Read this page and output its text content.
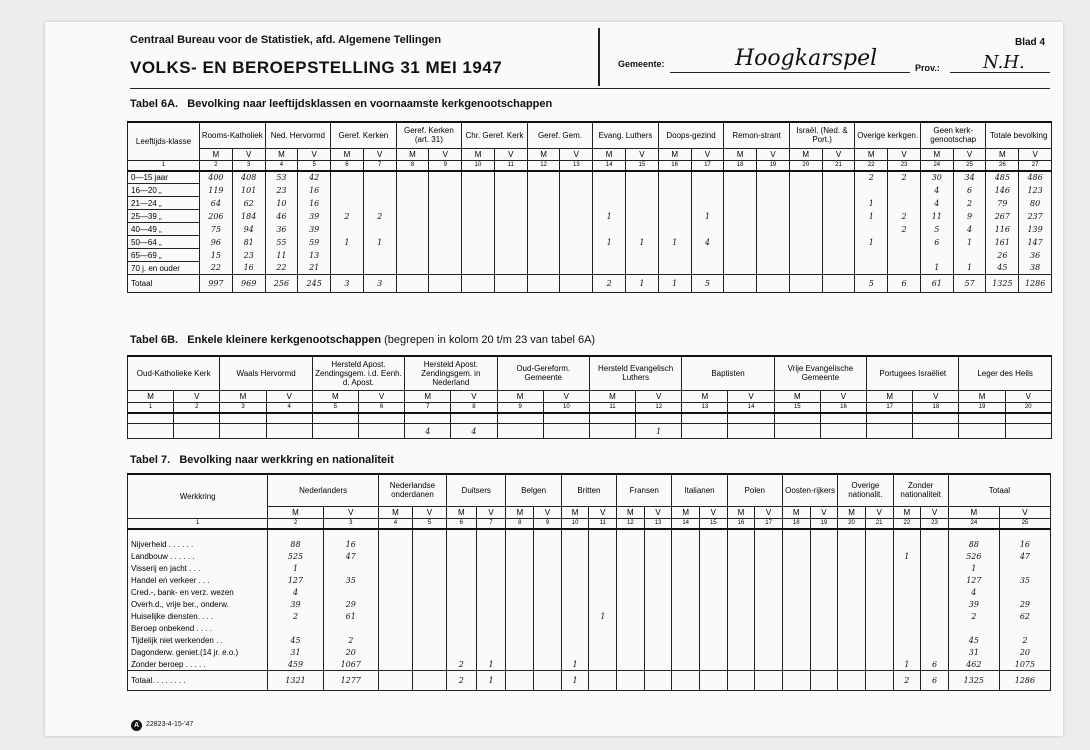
Centraal Bureau voor de Statistiek, afd. Algemene Tellingen
VOLKS- EN BEROEPSTELLING 31 MEI 1947	Gemeente:	Hoogkarspel	Prov.: N.H.
Blad 4
Tabel 6A. Bevolking naar leeftijdsklassen en voornaamste kerkgenootschappen
Leeftijds-klasse	Rooms-Katholiek		Ned. Hervormd		Geref. Kerken		Geref. Kerken (art. 31)		Chr. Geref. Kerk		Geref. Gem.		Evang. Luthers		Doops-gezind		Remon-strant		Israël. (Ned. & Port.)		Overige kerkgen.		Geen kerk-genootschap		Totale bevolking	
	M	V	M	V	M	V	M	V	M	V	M	V	M	V	M	V	M	V	M	V	M	V	M	V	M	V
1	2	3	4	5	6	7	8	9	10	11	12	13	14	15	16	17	18	19	20	21	22	23	24	25	26	27
0—15 jaar	400	408	53	42																	2	2	30	34	485	486
16—20 „	119	101	23	16																			4	6	146	123
21—24 „	64	62	10	16																	1		4	2	79	80
25—39 „	206	184	46	39	2	2							1			1					1	2	11	9	267	237
40—49 „	75	94	36	39																		2	5	4	116	139
50—64 „	96	81	55	59	1	1							1	1	1	4					1		6	1	161	147
65—69 „	15	23	11	13																					26	36
70 j. en ouder	22	16	22	21																			1	1	45	38
Totaal	997	969	256	245	3	3							2	1	1	5					5	6	61	57	1325	1286
Tabel 6B. Enkele kleinere kerkgenootschappen (begrepen in kolom 20 t/m 23 van tabel 6A)
Oud-Katholieke Kerk		Waals Hervormd		Hersteld Apost. Zendingsgem. i.d. Eenh. d. Apost.		Hersteld Apost. Zendingsgem. in Nederland		Oud-Gereform. Gemeente		Hersteld Evangelisch Luthers		Baptisten		Vrije Evangelische Gemeente		Portugees Israëliet		Leger des Heils	
M	V	M	V	M	V	M	V	M	V	M	V	M	V	M	V	M	V	M	V
1	2	3	4	5	6	7	8	9	10	11	12	13	14	15	16	17	18	19	20

						4	4				1								
Tabel 7. Bevolking naar werkkring en nationaliteit
Werkkring	Nederlanders		Nederlandse onderdanen		Duitsers		Belgen		Britten		Fransen		Italianen		Polen		Oosten-rijkers		Overige nationalit.		Zonder nationaliteit		Totaal	
	M	V	M	V	M	V	M	V	M	V	M	V	M	V	M	V	M	V	M	V	M	V	M	V
1	2	3	4	5	6	7	8	9	10	11	12	13	14	15	16	17	18	19	20	21	22	23	24	25

Nijverheid . . . . . .	88	16																					88	16
Landbouw . . . . . .	525	47																			1		526	47
Visserij en jacht . . .	1																						1	
Handel en verkeer . . .	127	35																					127	35
Cred.-, bank- en verz. wezen	4																						4	
Overh.d., vrije ber., onderw.	39	29																					39	29
Huiselijke diensten. . . .	2	61								1													2	62
Beroep onbekend . . . .																								
Tijdelijk niet werkenden . .	45	2																					45	2
Dagonderw. geniet.(14 jr. e.o.)	31	20																					31	20
Zonder beroep . . . . .	459	1067			2	1			1												1	6	462	1075
Totaal. . . . . . . .	1321	1277			2	1			1												2	6	1325	1286
A 22823-4-15-'47
